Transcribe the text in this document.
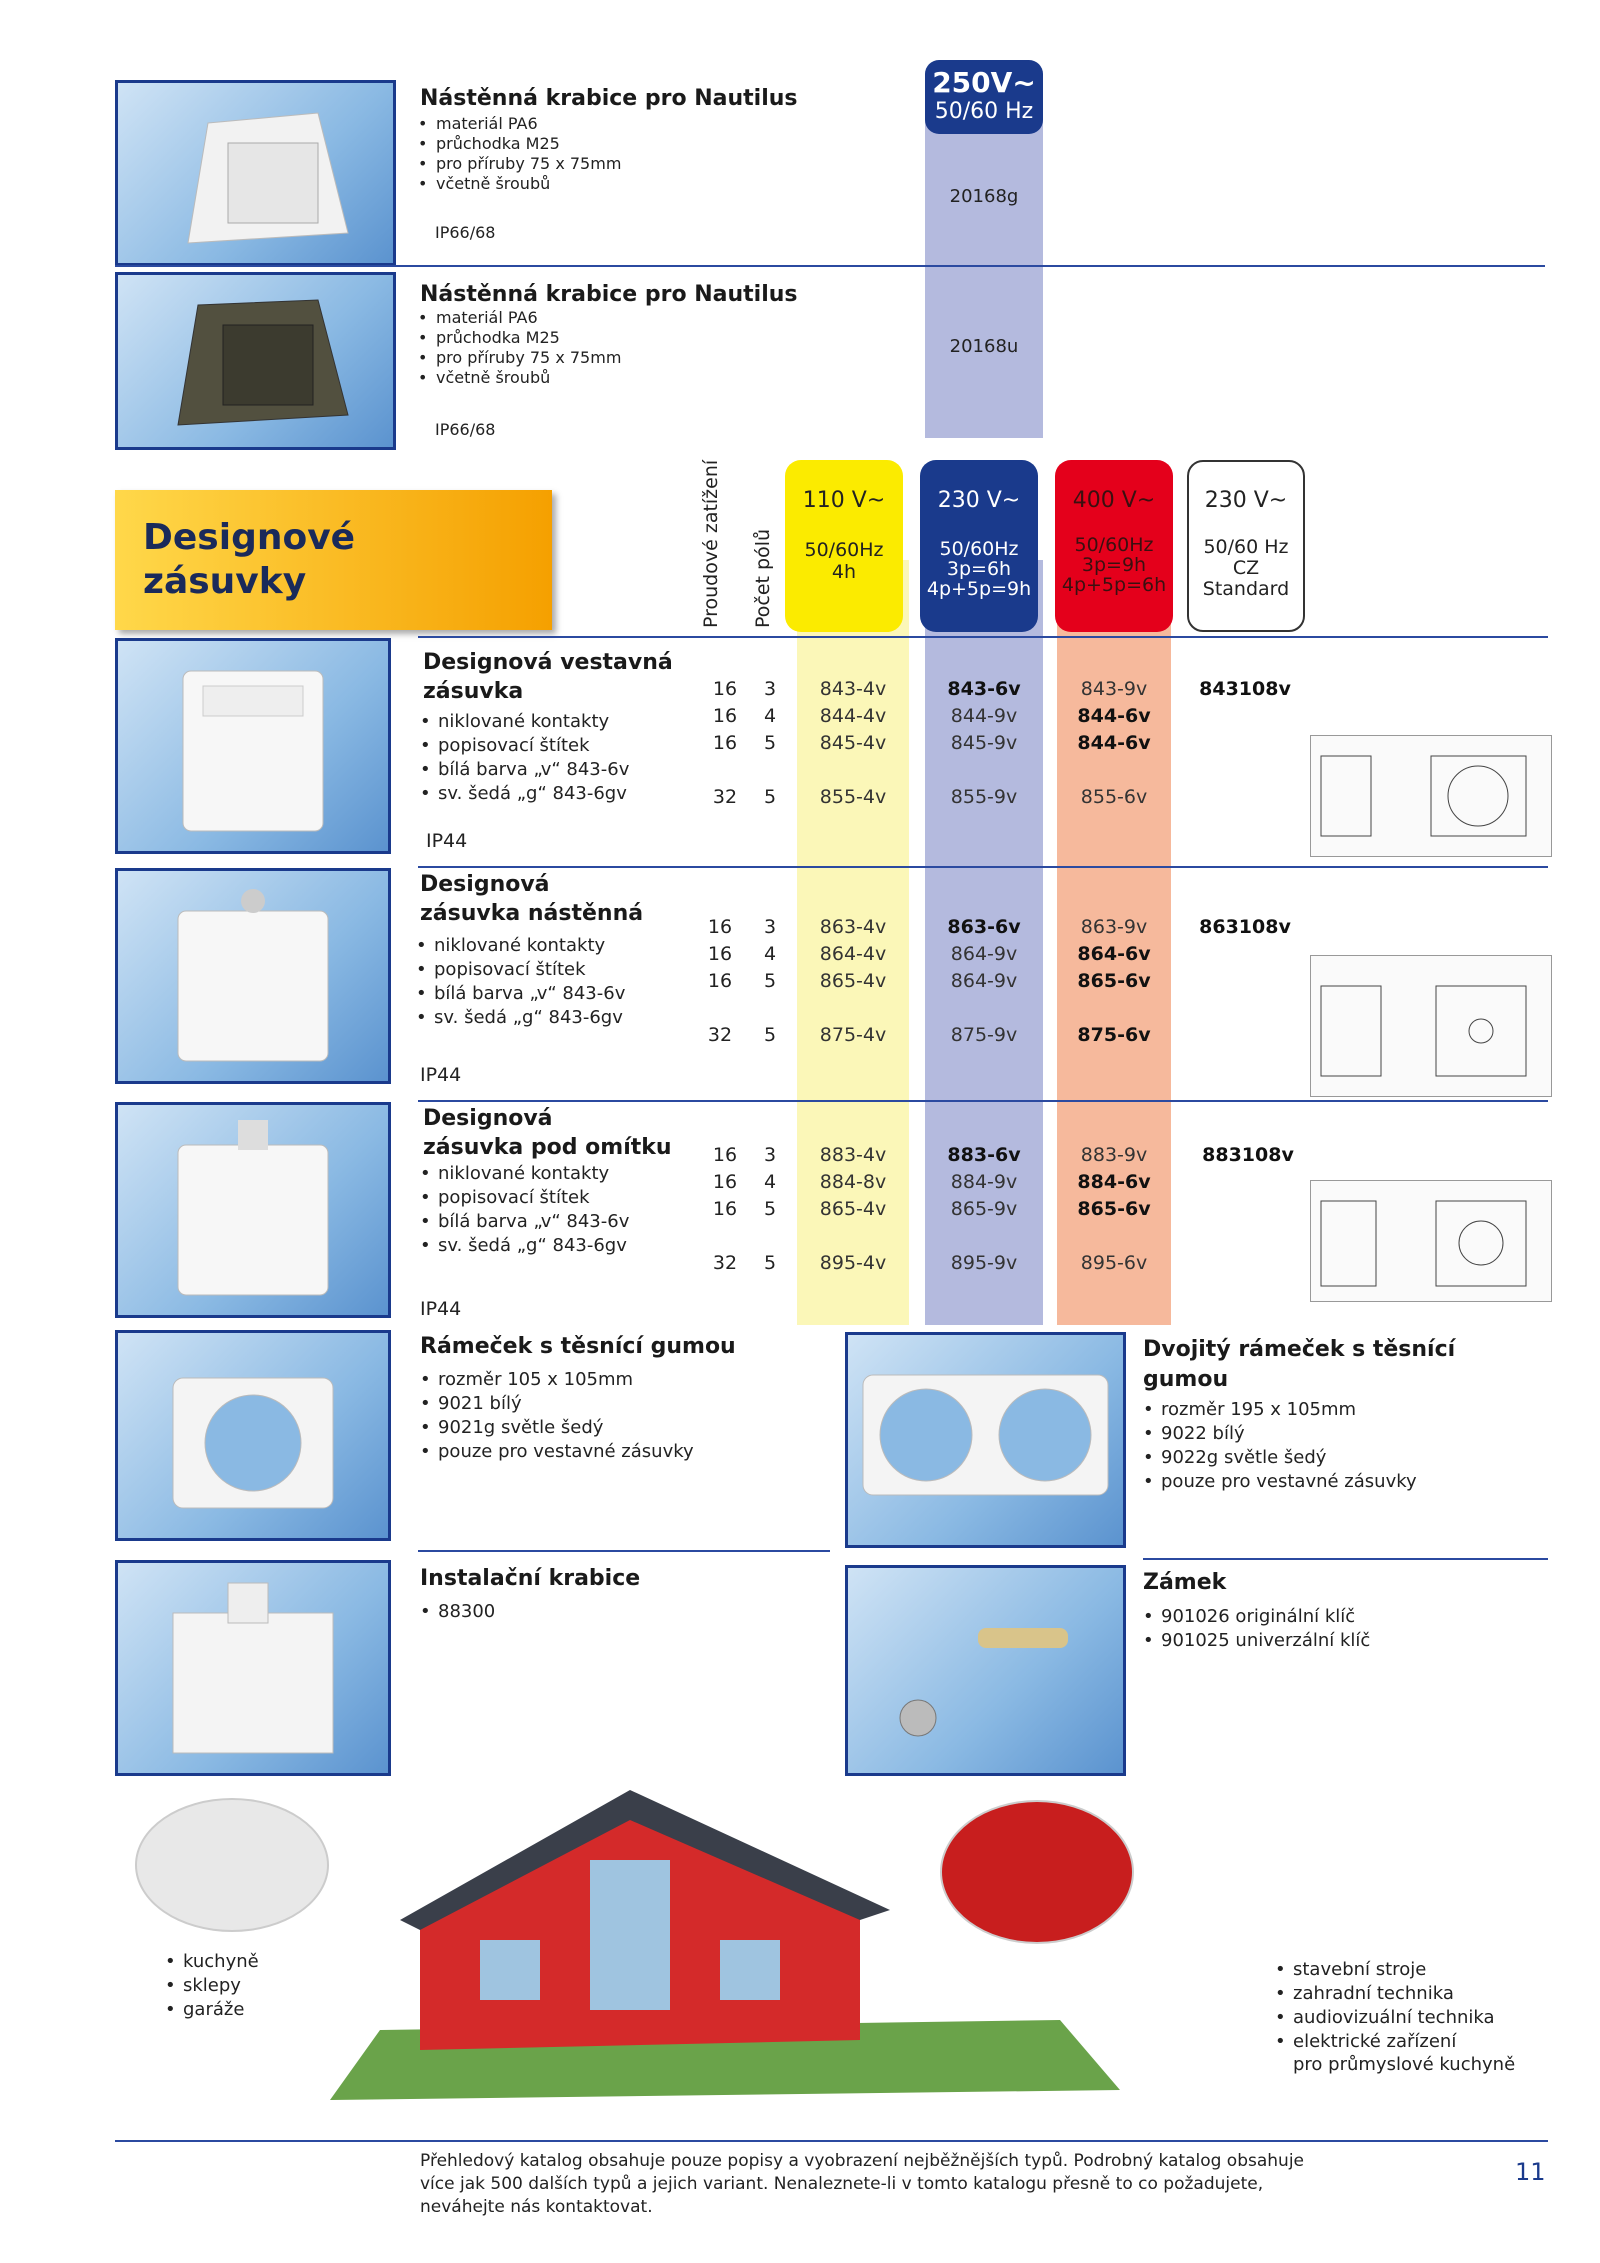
Nástěnná krabice pro Nautilus
• materiál PA6
• průchodka M25
• pro příruby 75 x 75mm
• včetně šroubů
IP66/68
250V~
50/60 Hz
20168g
Nástěnná krabice pro Nautilus
• materiál PA6
• průchodka M25
• pro příruby 75 x 75mm
• včetně šroubů
IP66/68
20168u
Designové
zásuvky	Proudové zatížení Počet pólů
110 V~
50/60Hz
4h
230 V~
50/60Hz
3p=6h
4p+5p=9h
400 V~
50/60Hz
3p=9h
4p+5p=6h
230 V~
50/60 Hz
CZ
Standard
Designová vestavná
zásuvka
• niklované kontakty
• popisovací štítek
• bílá barva „v“ 843-6v
• sv. šedá „g“ 843-6gv
IP44
16	3	843-4v	843-6v	843-9v	843108v
16	4	844-4v	844-9v	844-6v
16	5	845-4v	845-9v	844-6v
32	5	855-4v	855-9v	855-6v
Designová
zásuvka nástěnná
• niklované kontakty
• popisovací štítek
• bílá barva „v“ 843-6v
• sv. šedá „g“ 843-6gv
IP44
16	3	863-4v	863-6v	863-9v	863108v
16	4	864-4v	864-9v	864-6v
16	5	865-4v	864-9v	865-6v
32	5	875-4v	875-9v	875-6v
Designová
zásuvka pod omítku
• niklované kontakty
• popisovací štítek
• bílá barva „v“ 843-6v
• sv. šedá „g“ 843-6gv
IP44
16	3	883-4v	883-6v	883-9v	883108v
16	4	884-8v	884-9v	884-6v
16	5	865-4v	865-9v	865-6v
32	5	895-4v	895-9v	895-6v
Rámeček s těsnící gumou
• rozměr 105 x 105mm
• 9021 bílý
• 9021g světle šedý
• pouze pro vestavné zásuvky
Dvojitý rámeček s těsnící
gumou
• rozměr 195 x 105mm
• 9022 bílý
• 9022g světle šedý
• pouze pro vestavné zásuvky
Instalační krabice
• 88300
Zámek
• 901026 originální klíč
• 901025 univerzální klíč
• kuchyně
• sklepy
• garáže
• stavební stroje
• zahradní technika
• audiovizuální technika
• elektrické zařízení
pro průmyslové kuchyně
Přehledový katalog obsahuje pouze popisy a vyobrazení nejběžnějších typů. Podrobný katalog obsahuje
více jak 500 dalších typů a jejich variant. Nenaleznete-li v tomto katalogu přesně to co požadujete,
neváhejte nás kontaktovat.
11
